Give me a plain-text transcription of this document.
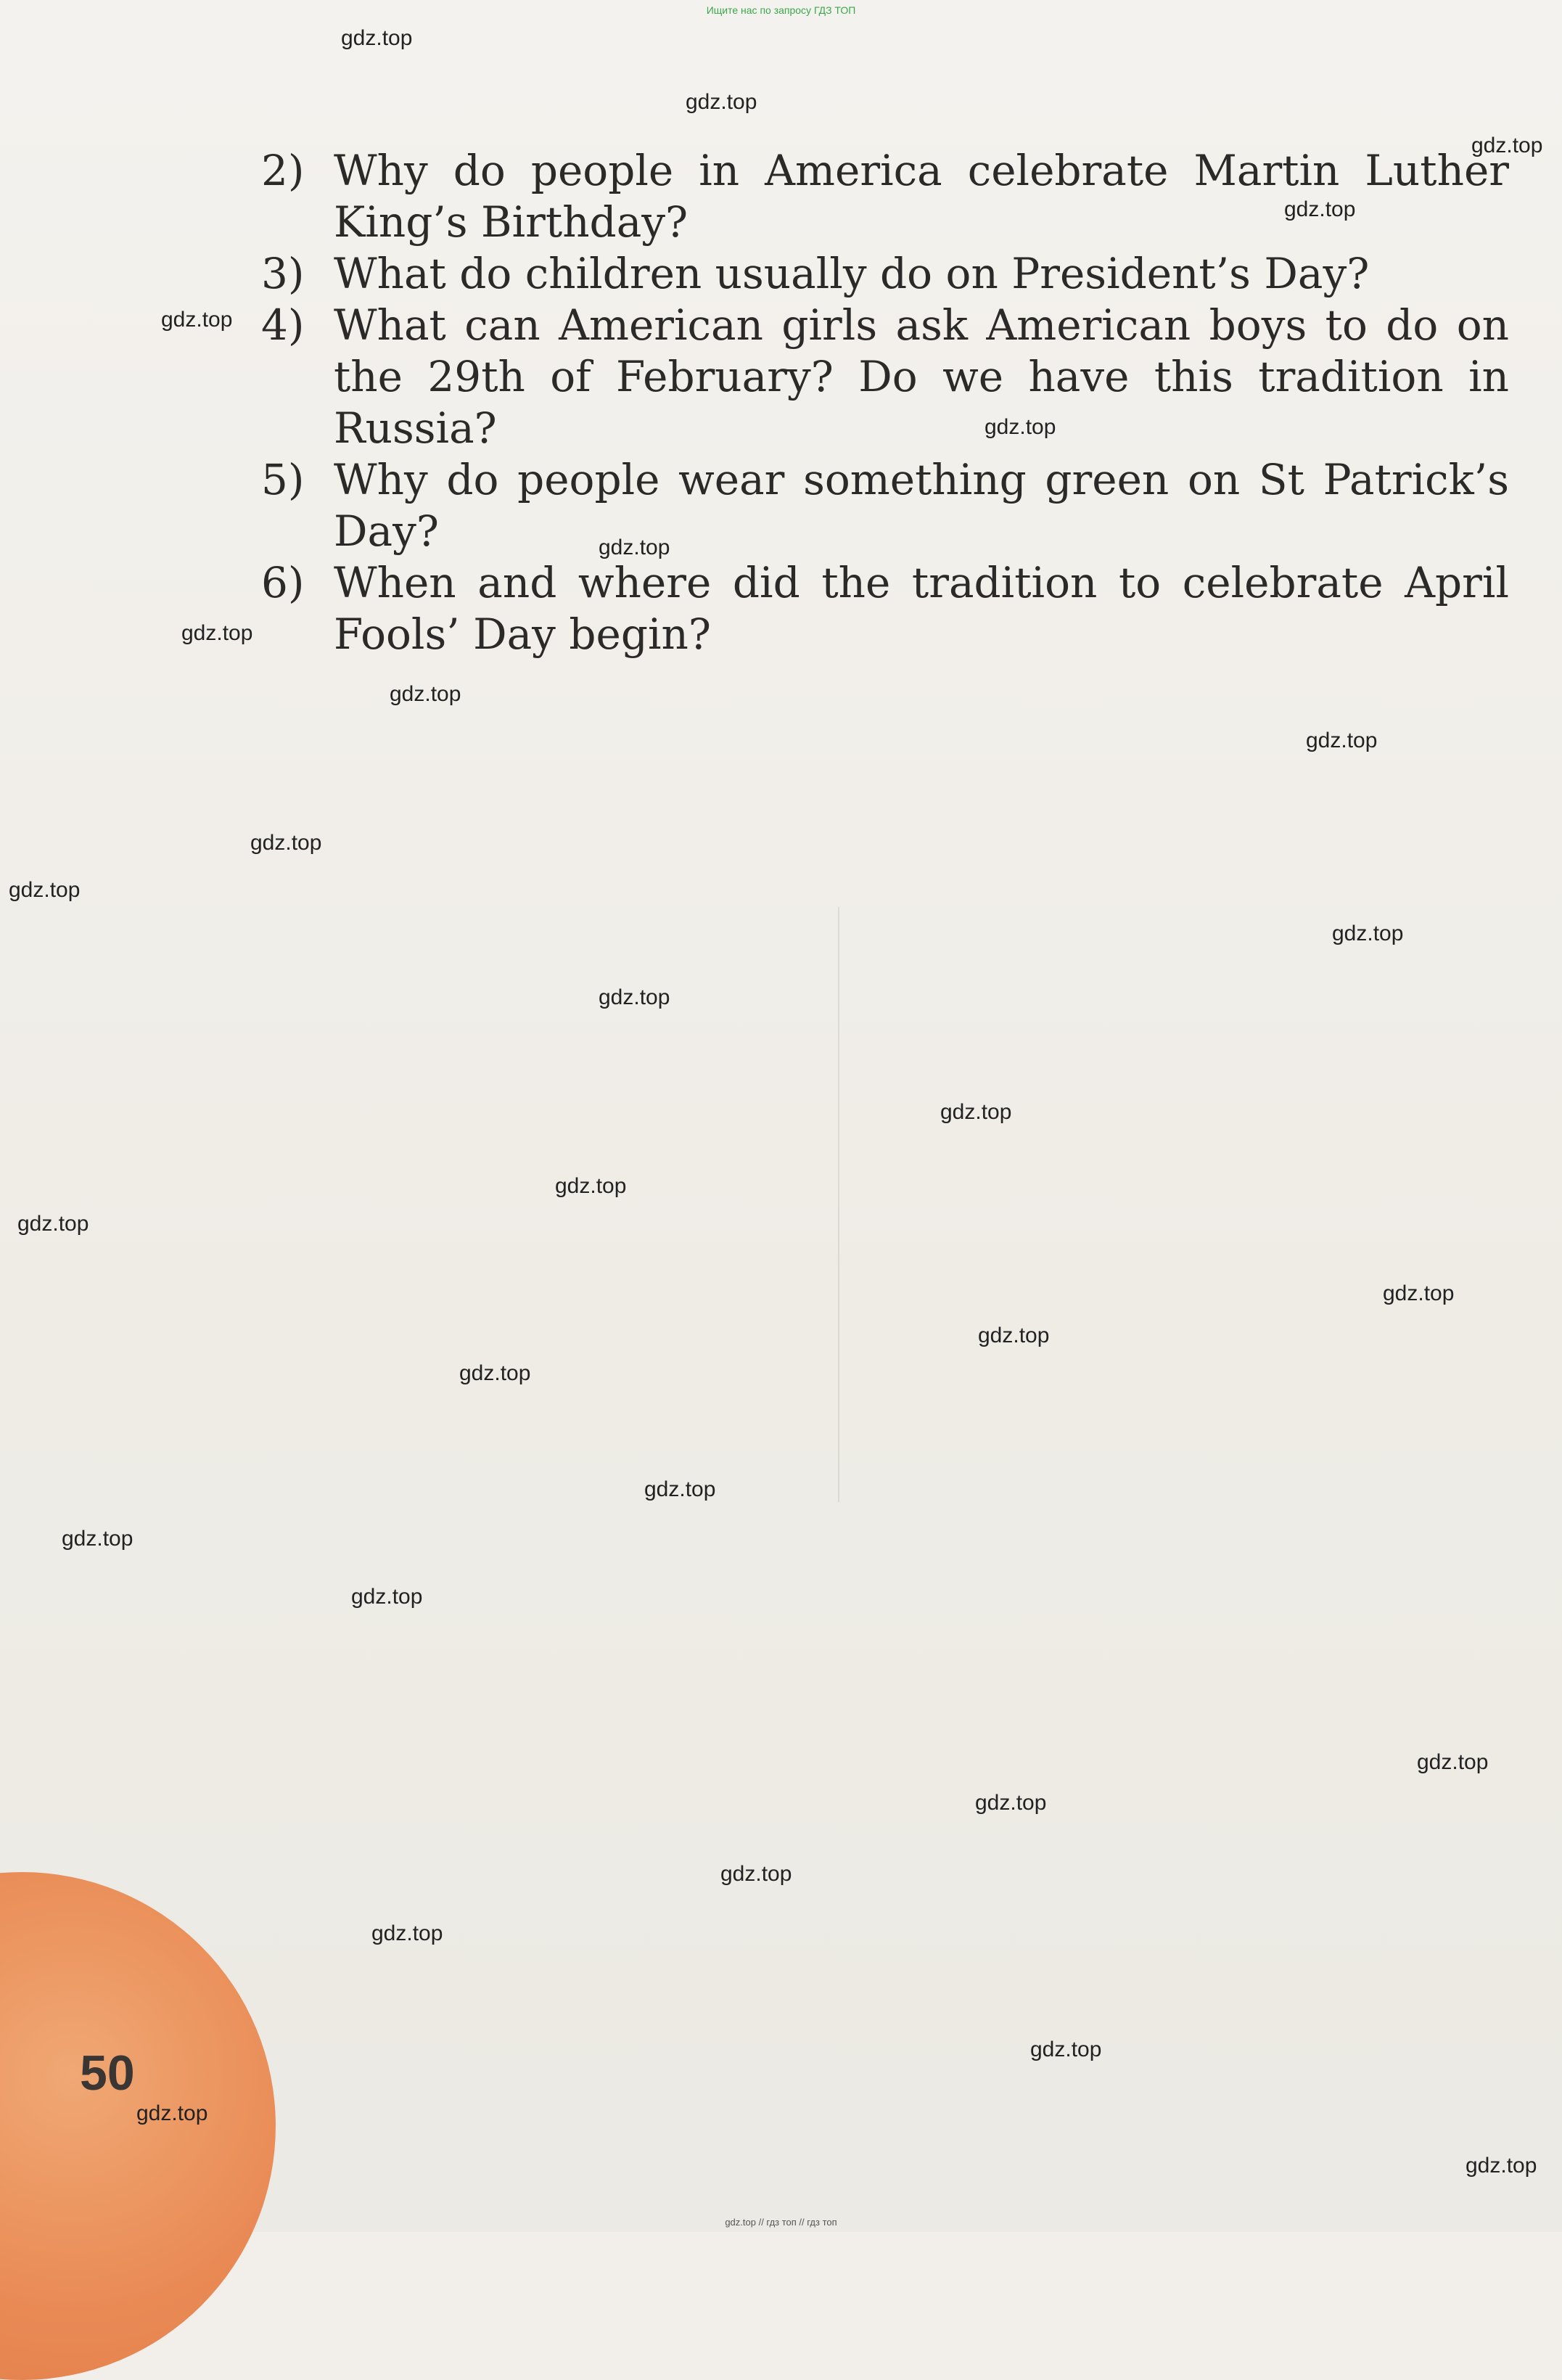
Ищите нас по запросу ГДЗ ТОП

2) Why do people in America celebrate Martin Luther King’s Birthday?

3) What do children usually do on President’s Day?

4) What can American girls ask American boys to do on the 29th of February? Do we have this tradition in Russia?

5) Why do people wear something green on St Patrick’s Day?

6) When and where did the tradition to celebrate April Fools’ Day begin?

50
gdz.top
gdz.top
gdz.top
gdz.top
gdz.top
gdz.top
gdz.top
gdz.top
gdz.top
gdz.top
gdz.top
gdz.top
gdz.top
gdz.top
gdz.top
gdz.top
gdz.top
gdz.top
gdz.top
gdz.top
gdz.top
gdz.top
gdz.top
gdz.top
gdz.top
gdz.top
gdz.top
gdz.top
gdz.top
gdz.top
gdz.top // гдз топ // гдз топ
